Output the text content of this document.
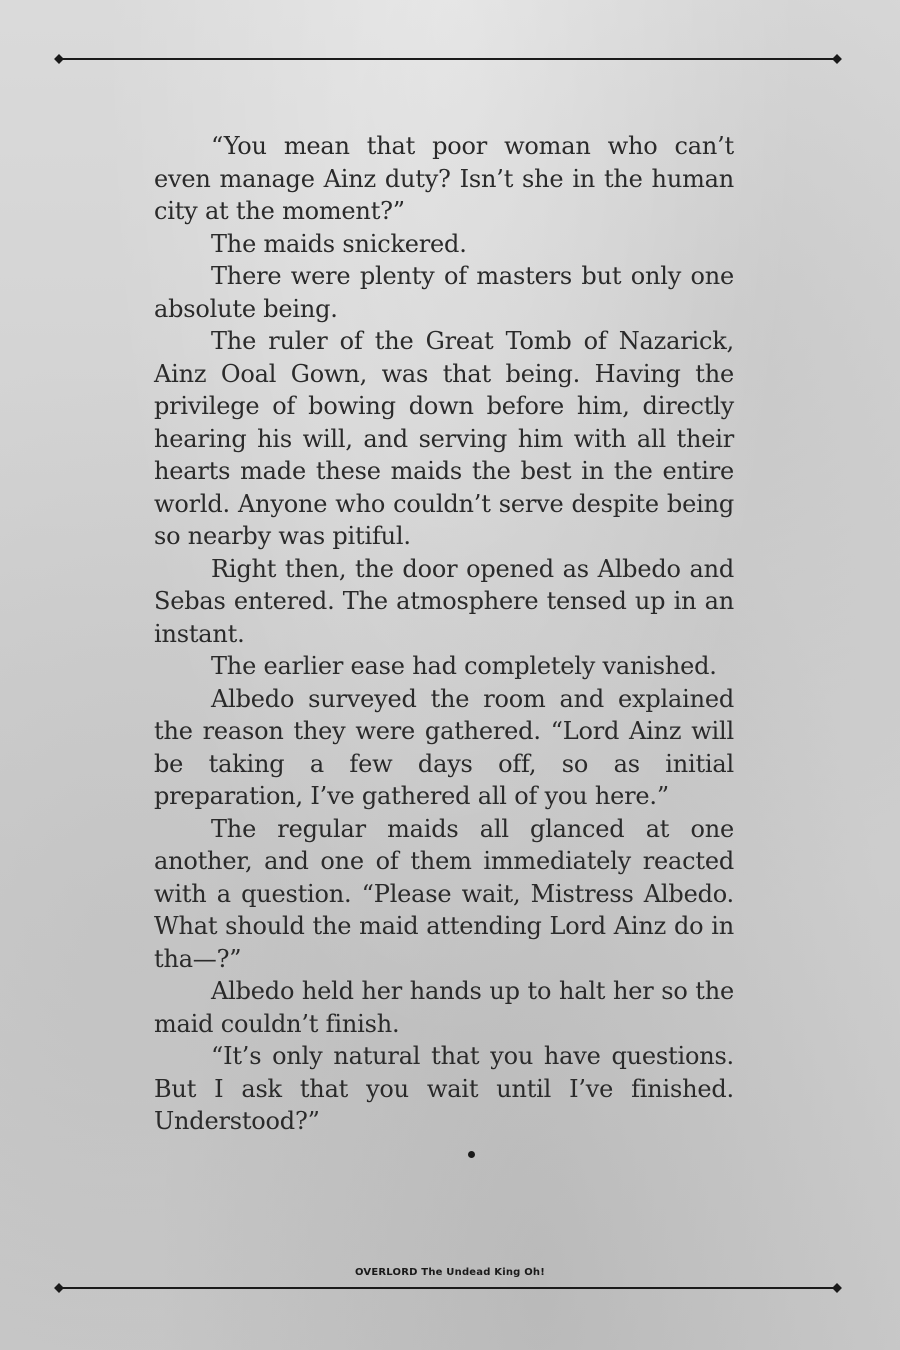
“You mean that poor woman who can’t even manage Ainz duty? Isn’t she in the human city at the moment?”

The maids snickered.

There were plenty of masters but only one absolute being.

The ruler of the Great Tomb of Nazarick, Ainz Ooal Gown, was that being. Having the privilege of bowing down before him, directly hearing his will, and serving him with all their hearts made these maids the best in the entire world. Anyone who couldn’t serve despite being so nearby was pitiful.

Right then, the door opened as Albedo and Sebas entered. The atmosphere tensed up in an instant.

The earlier ease had completely vanished.

Albedo surveyed the room and explained the reason they were gathered. “Lord Ainz will be taking a few days off, so as initial preparation, I’ve gathered all of you here.”

The regular maids all glanced at one another, and one of them immediately reacted with a question. “Please wait, Mistress Albedo. What should the maid attending Lord Ainz do in tha—?”

Albedo held her hands up to halt her so the maid couldn’t finish.

“It’s only natural that you have questions. But I ask that you wait until I’ve finished. Understood?”

OVERLORD The Undead King Oh!
